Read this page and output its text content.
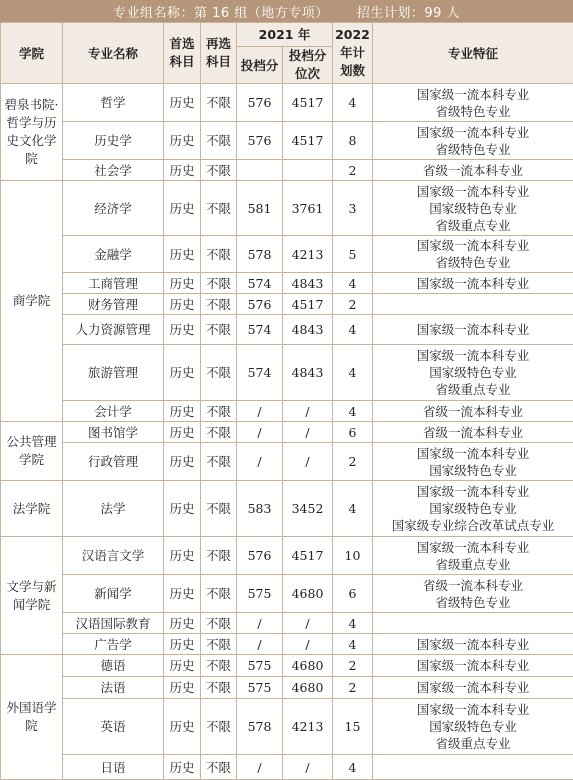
专业组名称：第 16 组（地方专项） 招生计划：99 人
学院	专业名称	首选科目	再选科目	2021 年		2022年计划数	专业特征
				投档分	投档分位次		
碧泉书院·哲学与历史文化学院	哲学	历史	不限	576	4517	4	国家级一流本科专业
省级特色专业

	历史学	历史	不限	576	4517	8	国家级一流本科专业
省级特色专业

	社会学	历史	不限			2	省级一流本科专业

商学院	经济学	历史	不限	581	3761	3	国家级一流本科专业
国家级特色专业
省级重点专业

	金融学	历史	不限	578	4213	5	国家级一流本科专业
省级特色专业

	工商管理	历史	不限	574	4843	4	国家级一流本科专业

	财务管理	历史	不限	576	4517	2	
	人力资源管理	历史	不限	574	4843	4	国家级一流本科专业

	旅游管理	历史	不限	574	4843	4	国家级一流本科专业
国家级特色专业
省级重点专业

	会计学	历史	不限	/	/	4	省级一流本科专业

公共管理学院	图书馆学	历史	不限	/	/	6	省级一流本科专业

	行政管理	历史	不限	/	/	2	国家级一流本科专业
国家级特色专业

法学院	法学	历史	不限	583	3452	4	国家级一流本科专业
国家级特色专业
国家级专业综合改革试点专业

文学与新闻学院	汉语言文学	历史	不限	576	4517	10	国家级一流本科专业
省级重点专业

	新闻学	历史	不限	575	4680	6	省级一流本科专业
省级特色专业

	汉语国际教育	历史	不限	/	/	4	
	广告学	历史	不限	/	/	4	国家级一流本科专业

外国语学院	德语	历史	不限	575	4680	2	国家级一流本科专业

	法语	历史	不限	575	4680	2	国家级一流本科专业

	英语	历史	不限	578	4213	15	国家级一流本科专业
国家级特色专业
省级重点专业

	日语	历史	不限	/	/	4	
